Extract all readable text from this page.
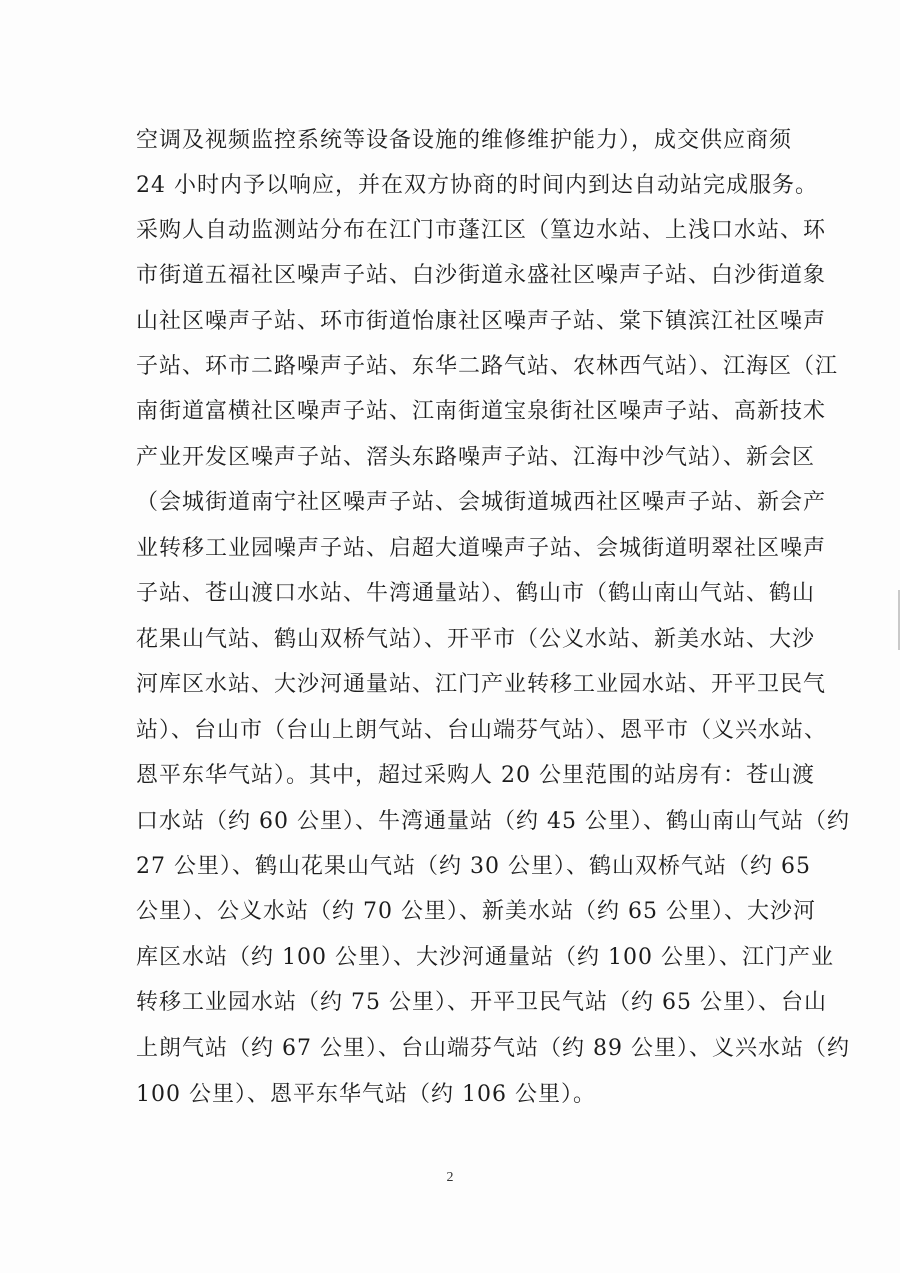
空调及视频监控系统等设备设施的维修维护能力），成交供应商须
24 小时内予以响应，并在双方协商的时间内到达自动站完成服务。
采购人自动监测站分布在江门市蓬江区（篁边水站、上浅口水站、环
市街道五福社区噪声子站、白沙街道永盛社区噪声子站、白沙街道象
山社区噪声子站、环市街道怡康社区噪声子站、棠下镇滨江社区噪声
子站、环市二路噪声子站、东华二路气站、农林西气站）、江海区（江
南街道富横社区噪声子站、江南街道宝泉街社区噪声子站、高新技术
产业开发区噪声子站、滘头东路噪声子站、江海中沙气站）、新会区
（会城街道南宁社区噪声子站、会城街道城西社区噪声子站、新会产
业转移工业园噪声子站、启超大道噪声子站、会城街道明翠社区噪声
子站、苍山渡口水站、牛湾通量站）、鹤山市（鹤山南山气站、鹤山
花果山气站、鹤山双桥气站）、开平市（公义水站、新美水站、大沙
河库区水站、大沙河通量站、江门产业转移工业园水站、开平卫民气
站）、台山市（台山上朗气站、台山端芬气站）、恩平市（义兴水站、
恩平东华气站）。其中，超过采购人 20 公里范围的站房有：苍山渡
口水站（约 60 公里）、牛湾通量站（约 45 公里）、鹤山南山气站（约
27 公里）、鹤山花果山气站（约 30 公里）、鹤山双桥气站（约 65
公里）、公义水站（约 70 公里）、新美水站（约 65 公里）、大沙河
库区水站（约 100 公里）、大沙河通量站（约 100 公里）、江门产业
转移工业园水站（约 75 公里）、开平卫民气站（约 65 公里）、台山
上朗气站（约 67 公里）、台山端芬气站（约 89 公里）、义兴水站（约
100 公里）、恩平东华气站（约 106 公里）。
2
